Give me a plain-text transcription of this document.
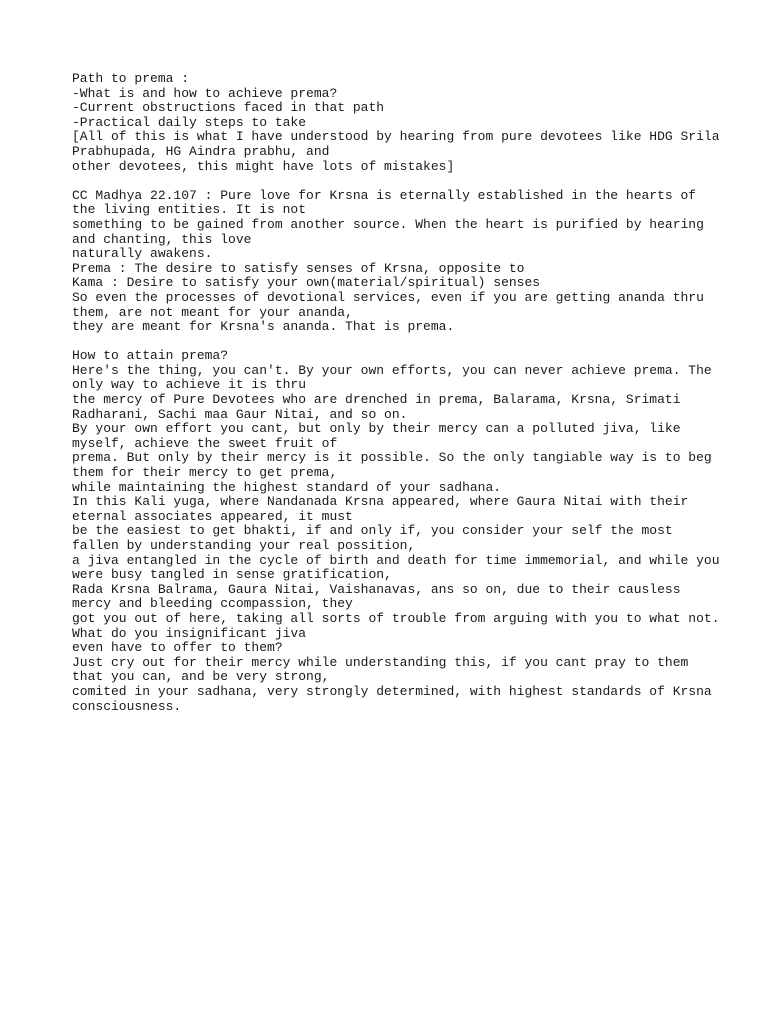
Path to prema :
-What is and how to achieve prema?
-Current obstructions faced in that path
-Practical daily steps to take
[All of this is what I have understood by hearing from pure devotees like HDG Srila
Prabhupada, HG Aindra prabhu, and
other devotees, this might have lots of mistakes]
CC Madhya 22.107 : Pure love for Krsna is eternally established in the hearts of
the living entities. It is not
something to be gained from another source. When the heart is purified by hearing
and chanting, this love
naturally awakens.
Prema : The desire to satisfy senses of Krsna, opposite to
Kama : Desire to satisfy your own(material/spiritual) senses
So even the processes of devotional services, even if you are getting ananda thru
them, are not meant for your ananda,
they are meant for Krsna's ananda. That is prema.
How to attain prema?
Here's the thing, you can't. By your own efforts, you can never achieve prema. The
only way to achieve it is thru
the mercy of Pure Devotees who are drenched in prema, Balarama, Krsna, Srimati
Radharani, Sachi maa Gaur Nitai, and so on.
By your own effort you cant, but only by their mercy can a polluted jiva, like
myself, achieve the sweet fruit of
prema. But only by their mercy is it possible. So the only tangiable way is to beg
them for their mercy to get prema,
while maintaining the highest standard of your sadhana.
In this Kali yuga, where Nandanada Krsna appeared, where Gaura Nitai with their
eternal associates appeared, it must
be the easiest to get bhakti, if and only if, you consider your self the most
fallen by understanding your real possition,
a jiva entangled in the cycle of birth and death for time immemorial, and while you
were busy tangled in sense gratification,
Rada Krsna Balrama, Gaura Nitai, Vaishanavas, ans so on, due to their causless
mercy and bleeding ccompassion, they
got you out of here, taking all sorts of trouble from arguing with you to what not.
What do you insignificant jiva
even have to offer to them?
Just cry out for their mercy while understanding this, if you cant pray to them
that you can, and be very strong,
comited in your sadhana, very strongly determined, with highest standards of Krsna
consciousness.
